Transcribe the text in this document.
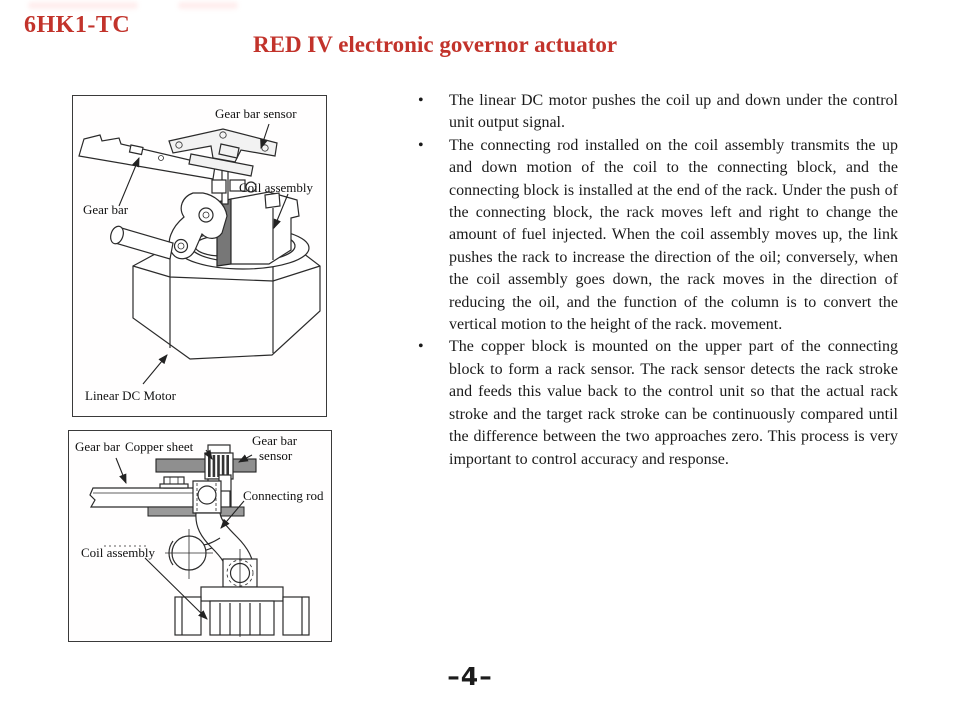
6HK1-TC
RED IV electronic governor actuator
Gear bar sensor
Coil assembly
Gear bar
Linear DC Motor
Gear bar Copper sheet	Gear bar
sensor
Connecting rod
Coil assembly
•	The linear DC motor pushes the coil up and down under the control unit output signal.
•	The connecting rod installed on the coil assembly transmits the up and down motion of the coil to the connecting block, and the connecting block is installed at the end of the rack. Under the push of the connecting block, the rack moves left and right to change the amount of fuel injected. When the coil assembly moves up, the link pushes the rack to increase the direction of the oil; conversely, when the coil assembly goes down, the rack moves in the direction of reducing the oil, and the function of the column is to convert the vertical motion to the height of the rack. movement.
•	The copper block is mounted on the upper part of the connecting block to form a rack sensor. The rack sensor detects the rack stroke and feeds this value back to the control unit so that the actual rack stroke and the target rack stroke can be continuously compared until the difference between the two approaches zero. This process is very important to control accuracy and response.
–4–
